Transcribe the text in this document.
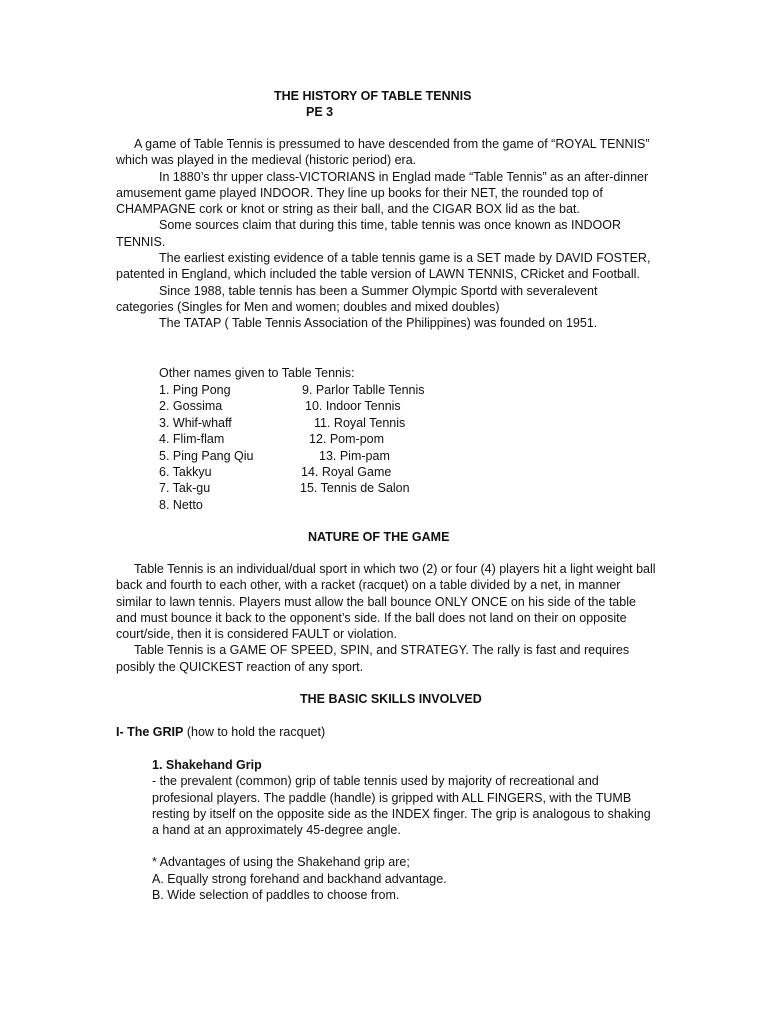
THE HISTORY OF TABLE TENNIS
PE 3

A game of Table Tennis is pressumed to have descended from the game of “ROYAL TENNIS” which was played in the medieval (historic period) era.

In 1880’s thr upper class-VICTORIANS in Englad made “Table Tennis” as an after-dinner amusement game played INDOOR. They line up books for their NET, the rounded top of CHAMPAGNE cork or knot or string as their ball, and the CIGAR BOX lid as the bat.

Some sources claim that during this time, table tennis was once known as INDOOR TENNIS.

The earliest existing evidence of a table tennis game is a SET made by DAVID FOSTER, patented in England, which included the table version of LAWN TENNIS, CRicket and Football.

Since 1988, table tennis has been a Summer Olympic Sportd with severalevent categories (Singles for Men and women; doubles and mixed doubles)

The TATAP ( Table Tennis Association of the Philippines) was founded on 1951.

Other names given to Table Tennis:
1. Ping Pong
2. Gossima
3. Whif-whaff
4. Flim-flam
5. Ping Pang Qiu
6. Takkyu
7. Tak-gu
8. Netto
9. Parlor Tablle Tennis
10. Indoor Tennis
11. Royal Tennis
12. Pom-pom
13. Pim-pam
14. Royal Game
15. Tennis de Salon
NATURE OF THE GAME

Table Tennis is an individual/dual sport in which two (2) or four (4) players hit a light weight ball back and fourth to each other, with a racket (racquet) on a table divided by a net, in manner similar to lawn tennis. Players must allow the ball bounce ONLY ONCE on his side of the table and must bounce it back to the opponent’s side. If the ball does not land on their on opposite court/side, then it is considered FAULT or violation.

Table Tennis is a GAME OF SPEED, SPIN, and STRATEGY. The rally is fast and requires posibly the QUICKEST reaction of any sport.

THE BASIC SKILLS INVOLVED
I- The GRIP (how to hold the racquet)
1. Shakehand Grip

- the prevalent (common) grip of table tennis used by majority of recreational and profesional players. The paddle (handle) is gripped with ALL FINGERS, with the TUMB resting by itself on the opposite side as the INDEX finger. The grip is analogous to shaking a hand at an approximately 45-degree angle.

* Advantages of using the Shakehand grip are;
A. Equally strong forehand and backhand advantage.
B. Wide selection of paddles to choose from.
